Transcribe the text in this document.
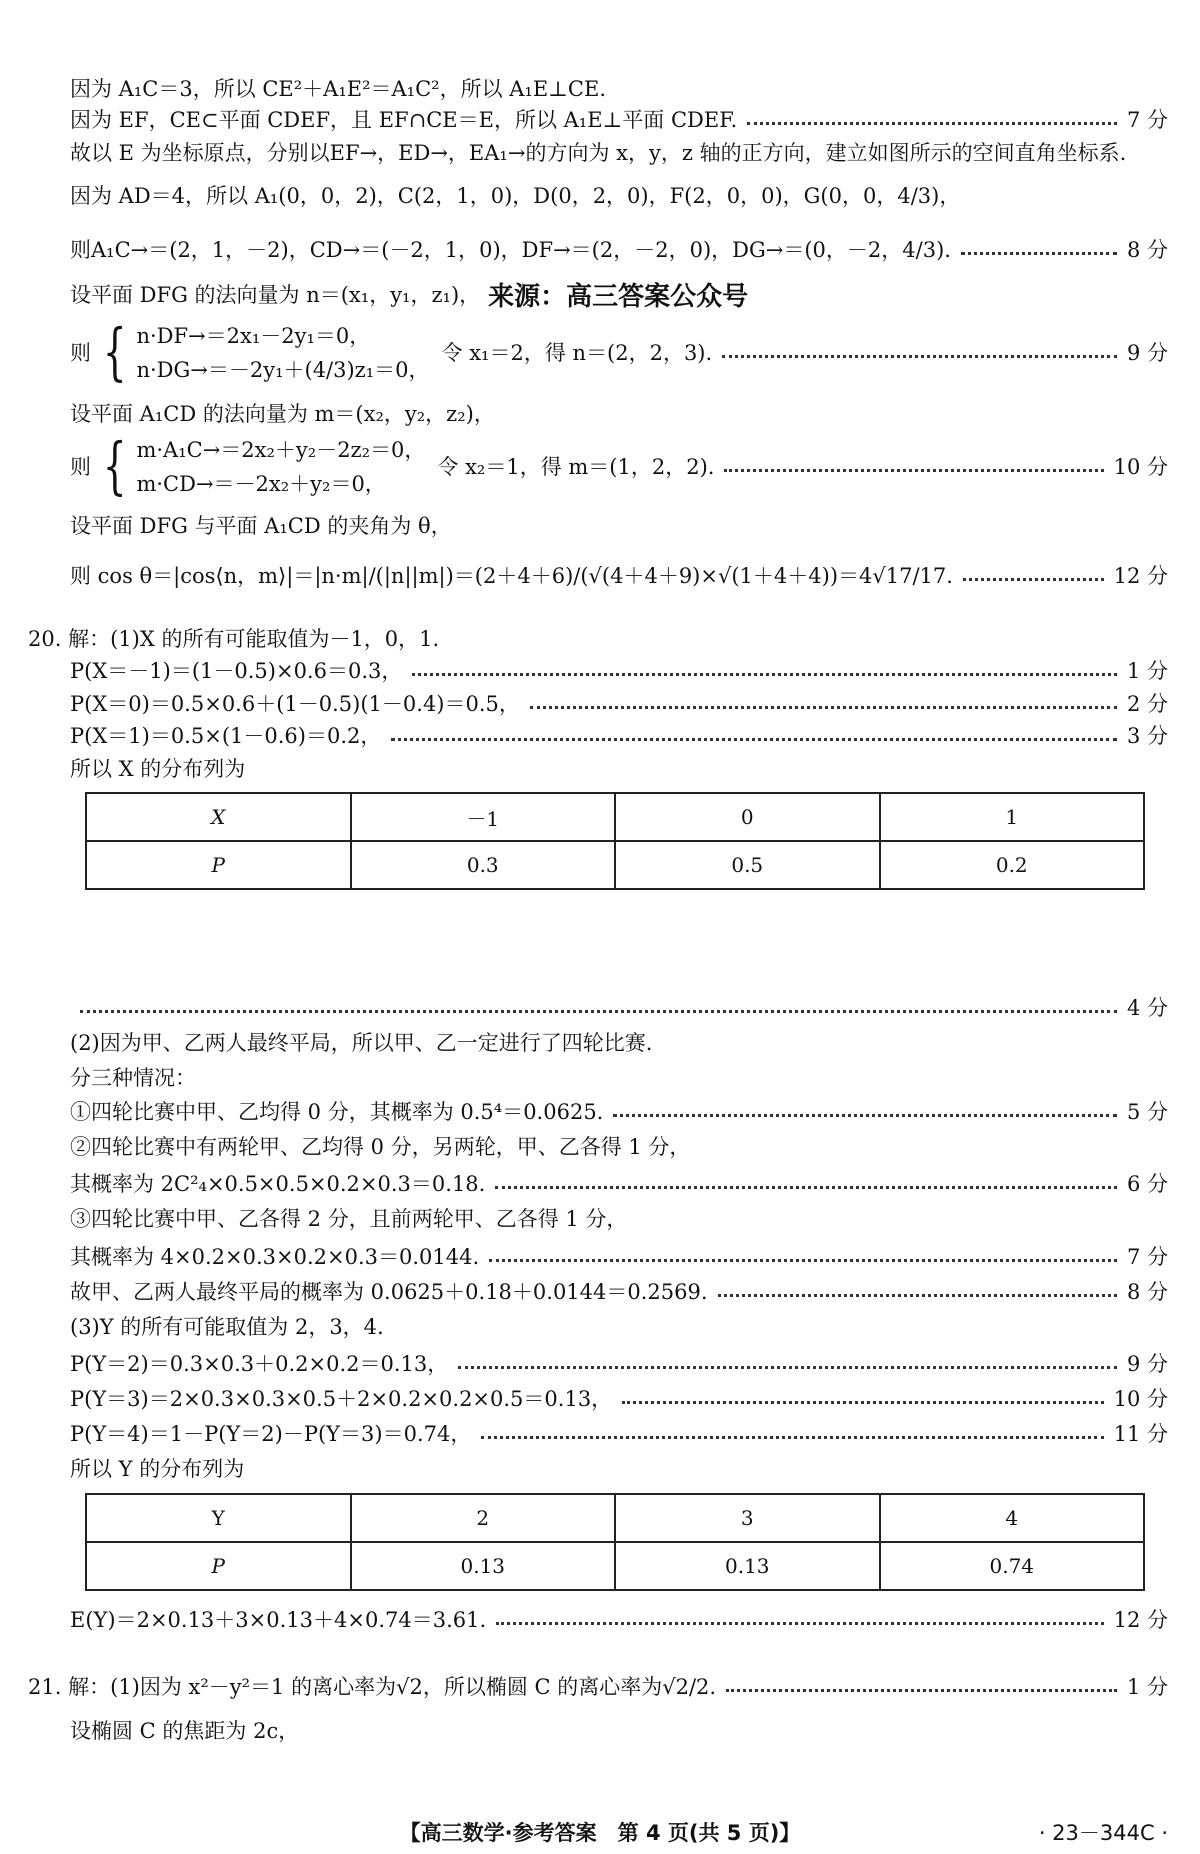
因为 A₁C＝3，所以 CE²＋A₁E²＝A₁C²，所以 A₁E⊥CE.
因为 EF，CE⊂平面 CDEF，且 EF∩CE＝E，所以 A₁E⊥平面 CDEF.	7 分
故以 E 为坐标原点，分别以EF→，ED→，EA₁→的方向为 x，y，z 轴的正方向，建立如图所示的空间直角坐标系.
因为 AD＝4，所以 A₁(0，0，2)，C(2，1，0)，D(0，2，0)，F(2，0，0)，G(0，0，4/3)，
则A₁C→＝(2，1，－2)，CD→＝(－2，1，0)，DF→＝(2，－2，0)，DG→＝(0，－2，4/3).	8 分
设平面 DFG 的法向量为 n＝(x₁，y₁，z₁)， 来源：高三答案公众号
则 { n·DF→＝2x₁－2y₁＝0，
n·DG→＝－2y₁＋(4/3)z₁＝0，
令 x₁＝2，得 n＝(2，2，3).	9 分
设平面 A₁CD 的法向量为 m＝(x₂，y₂，z₂)，
则 { m·A₁C→＝2x₂＋y₂－2z₂＝0，
m·CD→＝－2x₂＋y₂＝0，
令 x₂＝1，得 m＝(1，2，2).	10 分
设平面 DFG 与平面 A₁CD 的夹角为 θ，
则 cos θ＝|cos⟨n，m⟩|＝|n·m|/(|n||m|)＝(2＋4＋6)/(√(4＋4＋9)×√(1＋4＋4))＝4√17/17.	12 分
20. 解：(1)X 的所有可能取值为－1，0，1.
P(X＝－1)＝(1－0.5)×0.6＝0.3，	1 分
P(X＝0)＝0.5×0.6＋(1－0.5)(1－0.4)＝0.5，	2 分
P(X＝1)＝0.5×(1－0.6)＝0.2，	3 分
所以 X 的分布列为
X	－1	0	1
P	0.3	0.5	0.2
4 分
(2)因为甲、乙两人最终平局，所以甲、乙一定进行了四轮比赛.
分三种情况：
①四轮比赛中甲、乙均得 0 分，其概率为 0.5⁴＝0.0625.	5 分
②四轮比赛中有两轮甲、乙均得 0 分，另两轮，甲、乙各得 1 分，
其概率为 2C²₄×0.5×0.5×0.2×0.3＝0.18.	6 分
③四轮比赛中甲、乙各得 2 分，且前两轮甲、乙各得 1 分，
其概率为 4×0.2×0.3×0.2×0.3＝0.0144.	7 分
故甲、乙两人最终平局的概率为 0.0625＋0.18＋0.0144＝0.2569.	8 分
(3)Y 的所有可能取值为 2，3，4.
P(Y＝2)＝0.3×0.3＋0.2×0.2＝0.13，	9 分
P(Y＝3)＝2×0.3×0.3×0.5＋2×0.2×0.2×0.5＝0.13，	10 分
P(Y＝4)＝1－P(Y＝2)－P(Y＝3)＝0.74，	11 分
所以 Y 的分布列为
Y	2	3	4
P	0.13	0.13	0.74
E(Y)＝2×0.13＋3×0.13＋4×0.74＝3.61.	12 分
21. 解：(1)因为 x²－y²＝1 的离心率为√2，所以椭圆 C 的离心率为√2/2.	1 分
设椭圆 C 的焦距为 2c，
【高三数学·参考答案　第 4 页(共 5 页)】	· 23－344C ·
